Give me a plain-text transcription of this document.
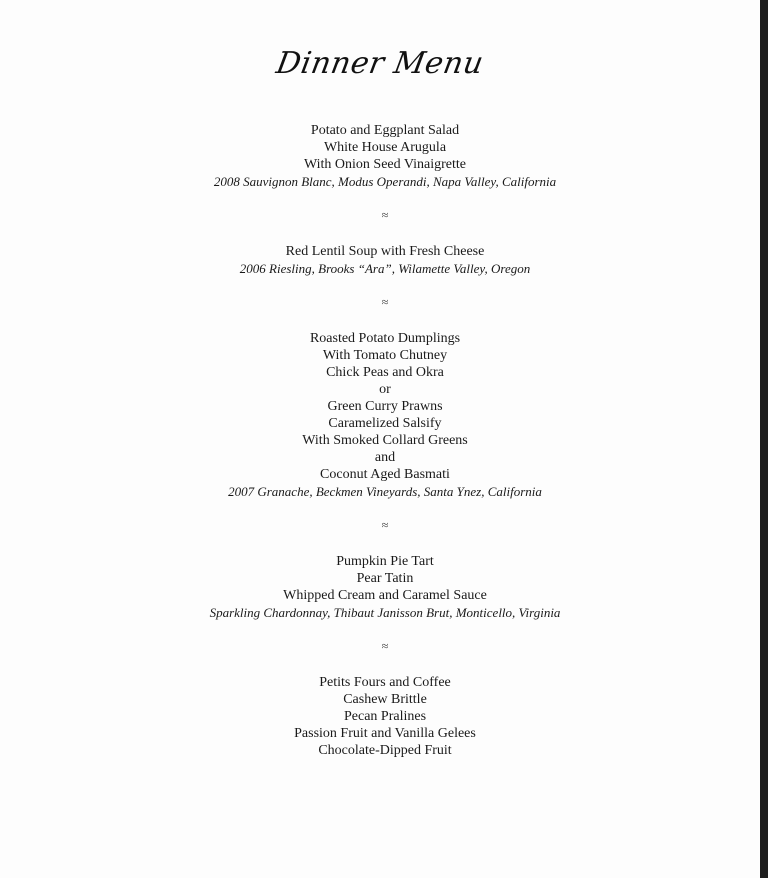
Dinner Menu
Potato and Eggplant Salad
White House Arugula
With Onion Seed Vinaigrette
2008 Sauvignon Blanc, Modus Operandi, Napa Valley, California
≈
Red Lentil Soup with Fresh Cheese
2006 Riesling, Brooks “Ara”, Wilamette Valley, Oregon
≈
Roasted Potato Dumplings
With Tomato Chutney
Chick Peas and Okra
or
Green Curry Prawns
Caramelized Salsify
With Smoked Collard Greens
and
Coconut Aged Basmati
2007 Granache, Beckmen Vineyards, Santa Ynez, California
≈
Pumpkin Pie Tart
Pear Tatin
Whipped Cream and Caramel Sauce
Sparkling Chardonnay, Thibaut Janisson Brut, Monticello, Virginia
≈
Petits Fours and Coffee
Cashew Brittle
Pecan Pralines
Passion Fruit and Vanilla Gelees
Chocolate-Dipped Fruit
